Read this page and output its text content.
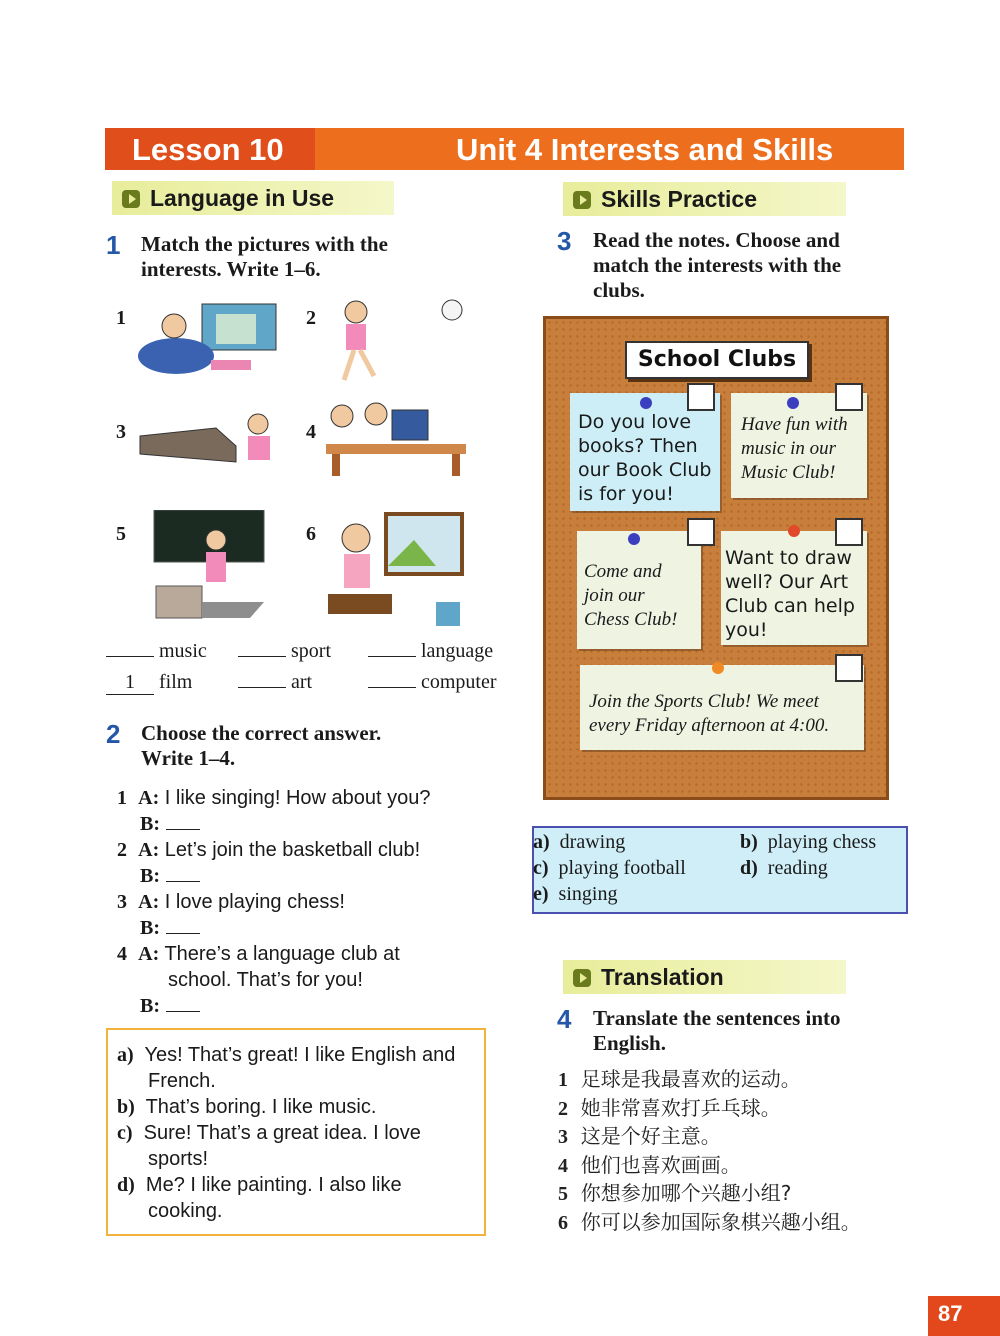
Lesson 10	Unit 4 Interests and Skills
Language in Use
1 Match the pictures with the
interests. Write 1–6.
1	2
3	4
5	6
music	sport	language
1 film	art	computer
2 Choose the correct answer.
Write 1–4.
1 A: I like singing! How about you?
B:
2 A: Let’s join the basketball club!
B:
3 A: I love playing chess!
B:
4 A: There’s a language club at
school. That’s for you!
B:
a) Yes! That’s great! I like English and
French.
b) That’s boring. I like music.
c) Sure! That’s a great idea. I love
sports!
d) Me? I like painting. I also like
cooking.
Skills Practice
3 Read the notes. Choose and
match the interests with the
clubs.
School Clubs
Do you love
books? Then
our Book Club
is for you!
Have fun with
music in our
Music Club!
Come and
join our
Chess Club!
Want to draw
well? Our Art
Club can help
you!
Join the Sports Club! We meet
every Friday afternoon at 4:00.
a) drawing	b) playing chess
c) playing football	d) reading
e) singing
Translation
4 Translate the sentences into
English.
1 足球是我最喜欢的运动。
2 她非常喜欢打乒乓球。
3 这是个好主意。
4 他们也喜欢画画。
5 你想参加哪个兴趣小组?
6 你可以参加国际象棋兴趣小组。
87
